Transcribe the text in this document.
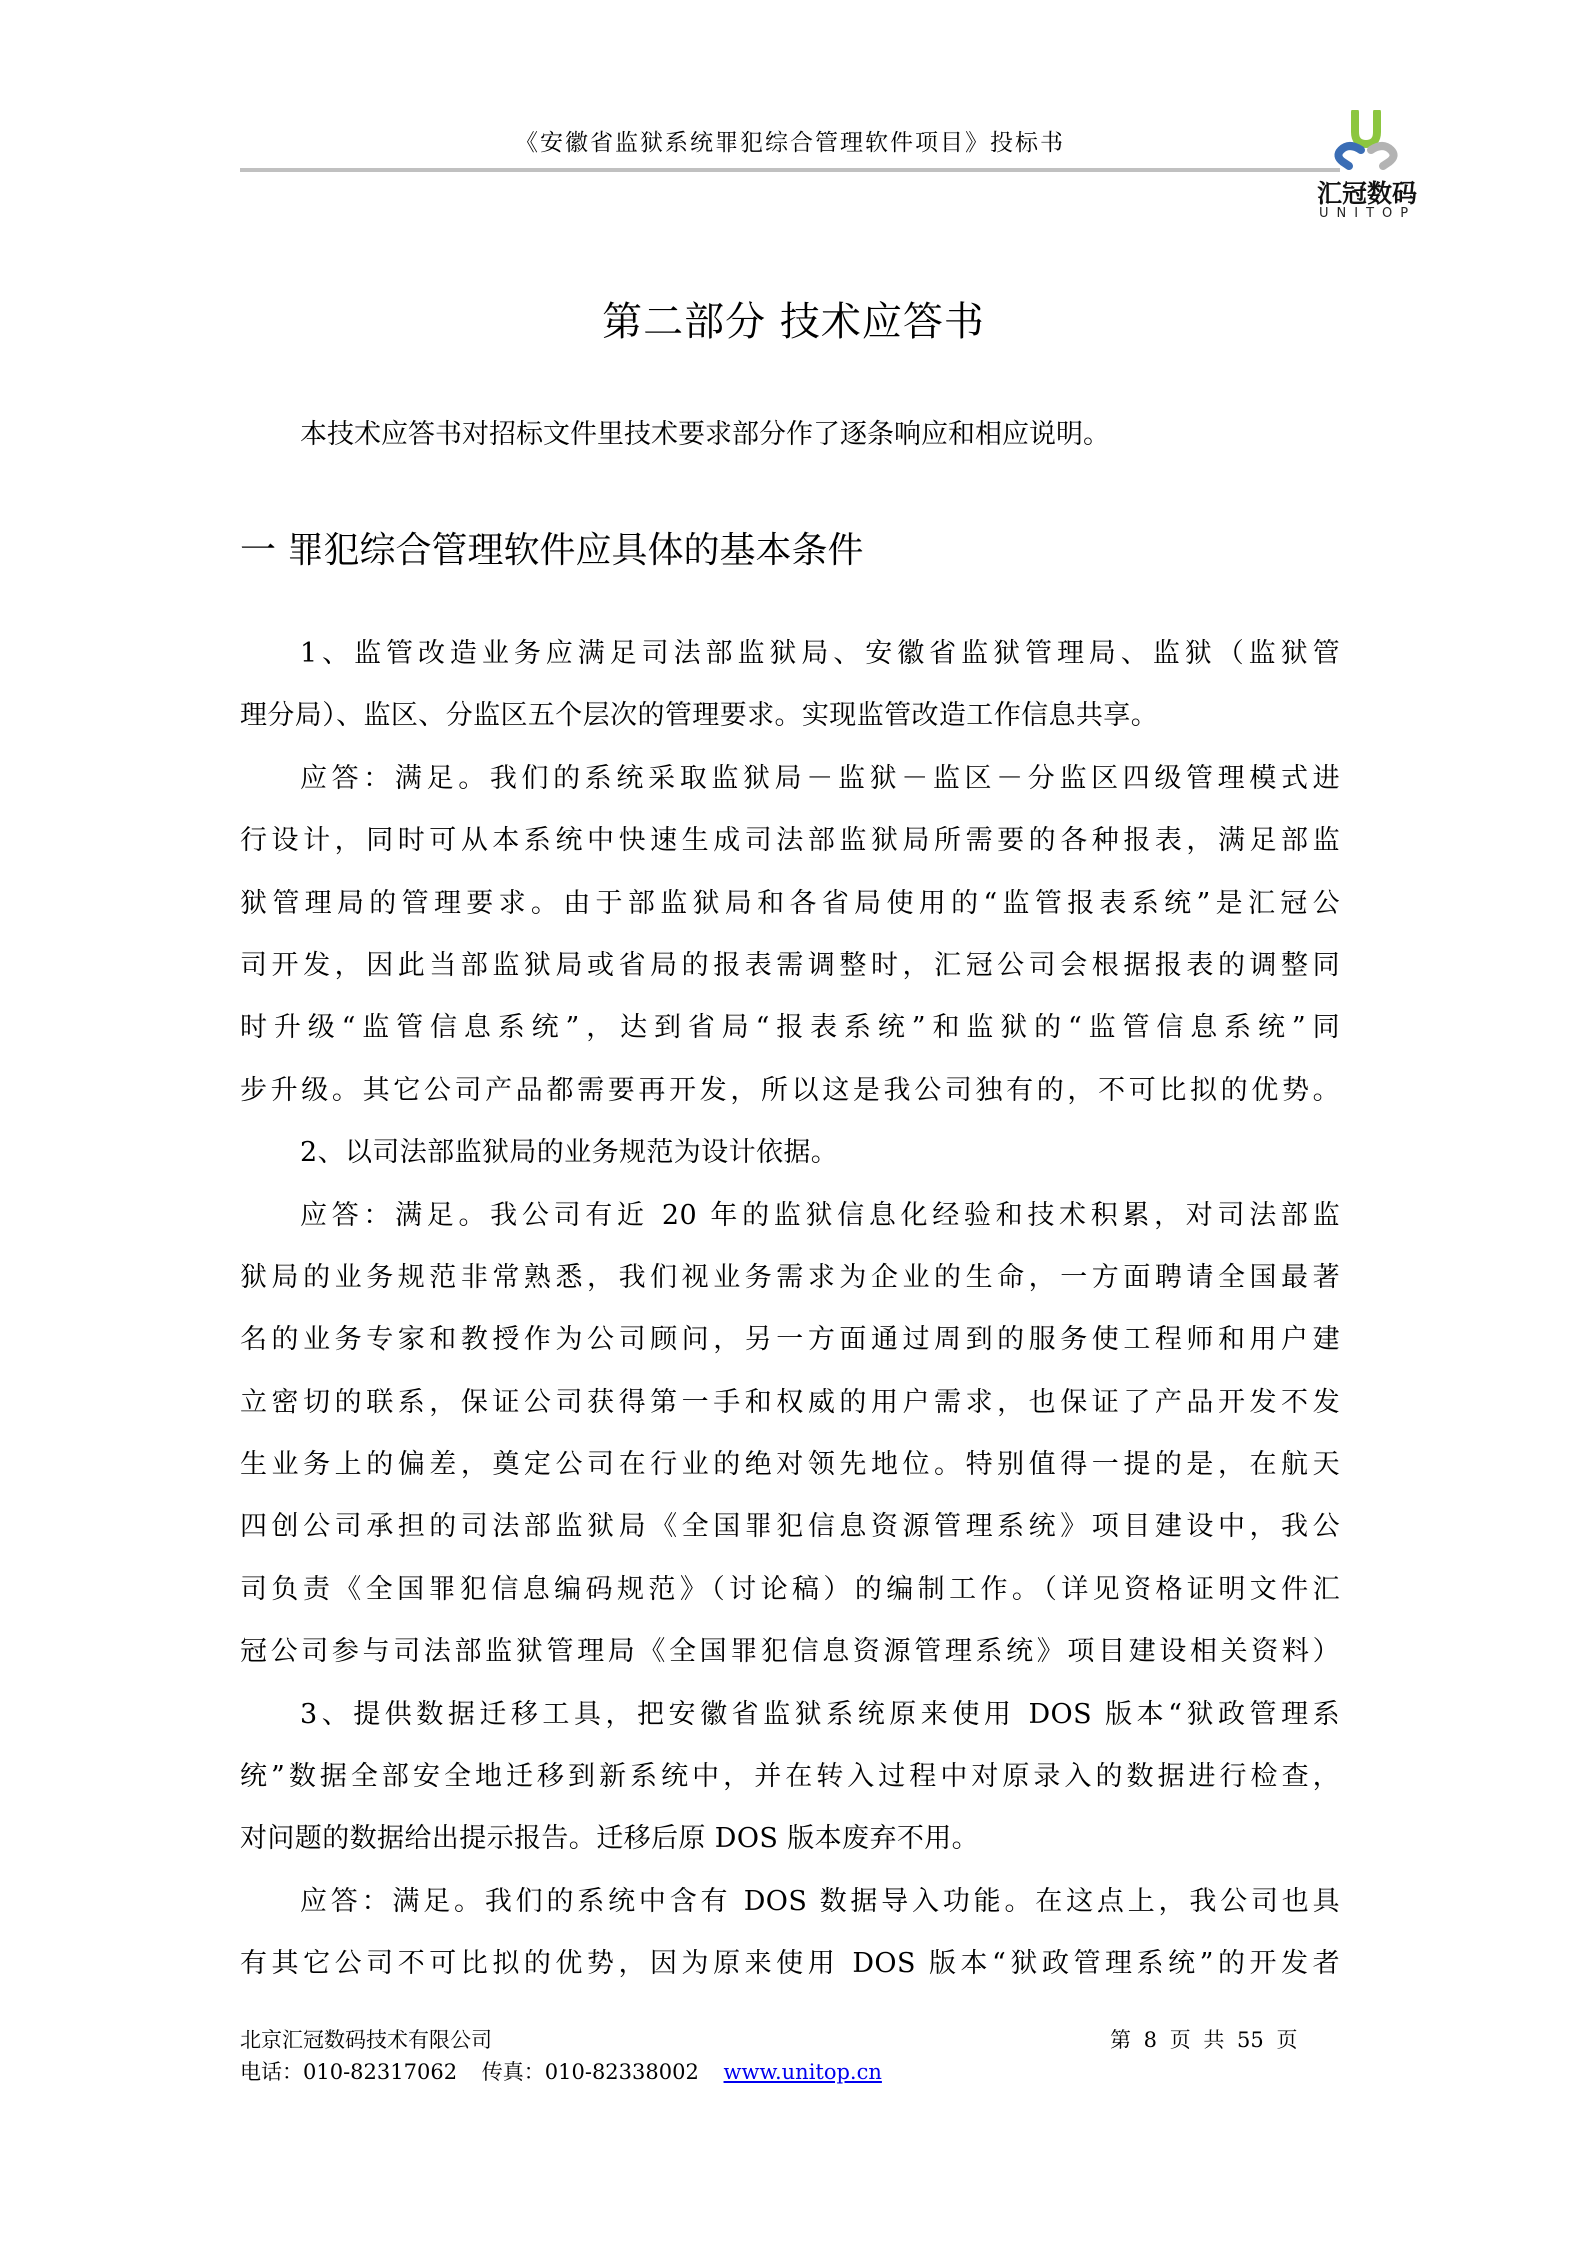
《安徽省监狱系统罪犯综合管理软件项目》投标书
汇冠数码
UNITOP
第二部分 技术应答书
本技术应答书对招标文件里技术要求部分作了逐条响应和相应说明。
一 罪犯综合管理软件应具体的基本条件
1、监管改造业务应满足司法部监狱局、安徽省监狱管理局、监狱（监狱管
理分局）、监区、分监区五个层次的管理要求。实现监管改造工作信息共享。
应答：满足。我们的系统采取监狱局－监狱－监区－分监区四级管理模式进
行设计，同时可从本系统中快速生成司法部监狱局所需要的各种报表，满足部监
狱管理局的管理要求。由于部监狱局和各省局使用的“监管报表系统”是汇冠公
司开发，因此当部监狱局或省局的报表需调整时，汇冠公司会根据报表的调整同
时升级“监管信息系统”，达到省局“报表系统”和监狱的“监管信息系统”同
步升级。其它公司产品都需要再开发，所以这是我公司独有的，不可比拟的优势。
2、以司法部监狱局的业务规范为设计依据。
应答：满足。我公司有近 20 年的监狱信息化经验和技术积累，对司法部监
狱局的业务规范非常熟悉，我们视业务需求为企业的生命，一方面聘请全国最著
名的业务专家和教授作为公司顾问，另一方面通过周到的服务使工程师和用户建
立密切的联系，保证公司获得第一手和权威的用户需求，也保证了产品开发不发
生业务上的偏差，奠定公司在行业的绝对领先地位。特别值得一提的是，在航天
四创公司承担的司法部监狱局《全国罪犯信息资源管理系统》项目建设中，我公
司负责《全国罪犯信息编码规范》（讨论稿）的编制工作。（详见资格证明文件汇
冠公司参与司法部监狱管理局《全国罪犯信息资源管理系统》项目建设相关资料）
3、提供数据迁移工具，把安徽省监狱系统原来使用 DOS 版本“狱政管理系
统”数据全部安全地迁移到新系统中，并在转入过程中对原录入的数据进行检查，
对问题的数据给出提示报告。迁移后原 DOS 版本废弃不用。
应答：满足。我们的系统中含有 DOS 数据导入功能。在这点上，我公司也具
有其它公司不可比拟的优势，因为原来使用 DOS 版本“狱政管理系统”的开发者
北京汇冠数码技术有限公司	第 8 页 共 55 页
电话：010-82317062 传真：010-82338002 www.unitop.cn
